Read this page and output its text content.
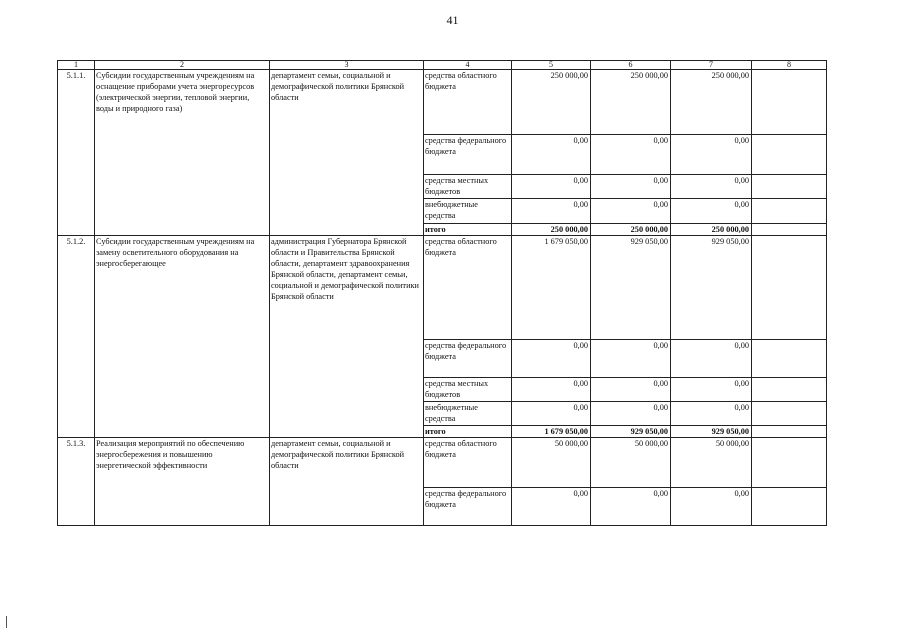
41
1	2	3	4	5	6	7	8
5.1.1.	Субсидии государственным учреждениям на оснащение приборами учета энергоресурсов (электрической энергии, тепловой энергии, воды и природного газа)	департамент семьи, социальной и демографической политики Брянской области	средства областного бюджета	250 000,00	250 000,00	250 000,00	
			средства федерального бюджета	0,00	0,00	0,00	
			средства местных бюджетов	0,00	0,00	0,00	
			внебюджетные средства	0,00	0,00	0,00	
			итого	250 000,00	250 000,00	250 000,00	
5.1.2.	Субсидии государственным учреждениям на замену осветительного оборудования на энергосберегающее	администрация Губернатора Брянской области и Правительства Брянской области, департамент здравоохранения Брянской области, департамент семьи, социальной и демографической политики Брянской области	средства областного бюджета	1 679 050,00	929 050,00	929 050,00	
			средства федерального бюджета	0,00	0,00	0,00	
			средства местных бюджетов	0,00	0,00	0,00	
			внебюджетные средства	0,00	0,00	0,00	
			итого	1 679 050,00	929 050,00	929 050,00	
5.1.3.	Реализация мероприятий по обеспечению энергосбережения и повышению энергетической эффективности	департамент семьи, социальной и демографической политики Брянской области	средства областного бюджета	50 000,00	50 000,00	50 000,00	
			средства федерального бюджета	0,00	0,00	0,00	
